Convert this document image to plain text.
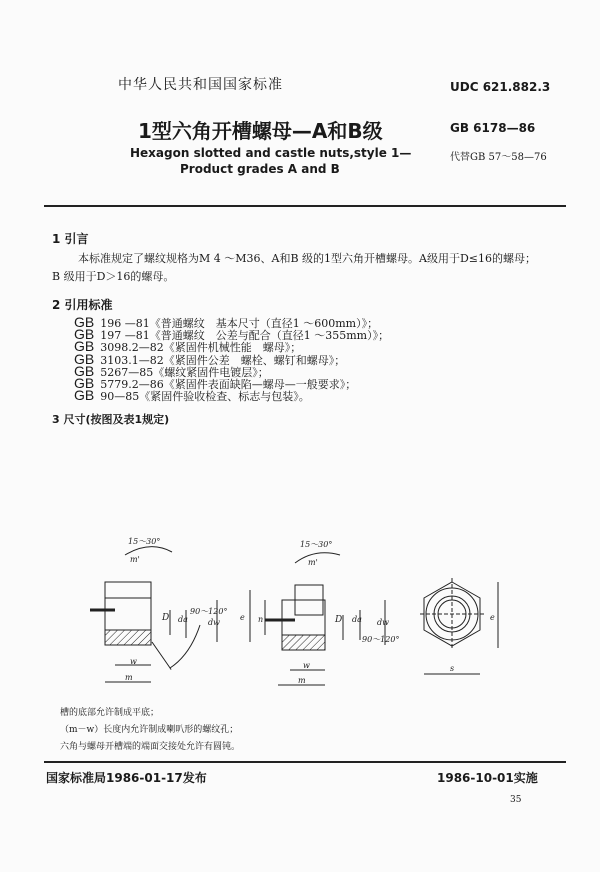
中华人民共和国国家标准	UDC 621.882.3
1型六角开槽螺母—A和B级	GB 6178—86
Hexagon slotted and castle nuts,style 1—
Product grades A and B
代替GB 57～58—76
1 引言
本标准规定了螺纹规格为M 4 ～M36、A和B 级的1型六角开槽螺母。A级用于D≤16的螺母；
B 级用于D＞16的螺母。
2 引用标准
GB 196 —81《普通螺纹　基本尺寸（直径1 ～600mm）》；
GB 197 —81《普通螺纹　公差与配合（直径1 ～355mm）》；
GB 3098.2—82《紧固件机械性能　螺母》；
GB 3103.1—82《紧固件公差　螺栓、螺钉和螺母》；
GB 5267—85《螺纹紧固件电镀层》；
GB 5779.2—86《紧固件表面缺陷—螺母—一般要求》；
GB 90—85《紧固件验收检查、标志与包装》。
3 尺寸(按图及表1规定)
15～30°
m'
90～120°
D da	dw
w
m
15～30°
m'
90～120°
D da dw
n
e
w
m
e
s
槽的底部允许制成平底；
（m－w）长度内允许制成喇叭形的螺纹孔；
六角与螺母开槽端的端面交接处允许有圆钝。
国家标准局1986-01-17发布	1986-10-01实施
35
